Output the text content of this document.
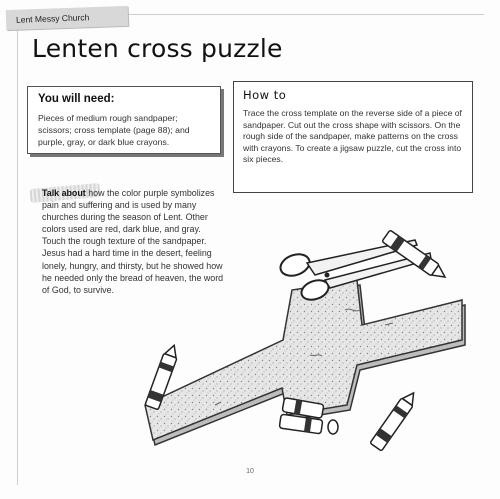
Lent Messy Church
Lenten cross puzzle

You will need:

Pieces of medium rough sandpaper; scissors; cross template (page 88); and purple, gray, or dark blue crayons.

How to

Trace the cross template on the reverse side of a piece of sandpaper. Cut out the cross shape with scissors. On the rough side of the sandpaper, make patterns on the cross with crayons. To create a jigsaw puzzle, cut the cross into six pieces.

Talk about how the color purple symbolizes pain and suffering and is used by many churches during the season of Lent. Other colors used are red, dark blue, and gray. Touch the rough texture of the sandpaper. Jesus had a hard time in the desert, feeling lonely, hungry, and thirsty, but he showed how he needed only the bread of heaven, the word of God, to survive.
10
